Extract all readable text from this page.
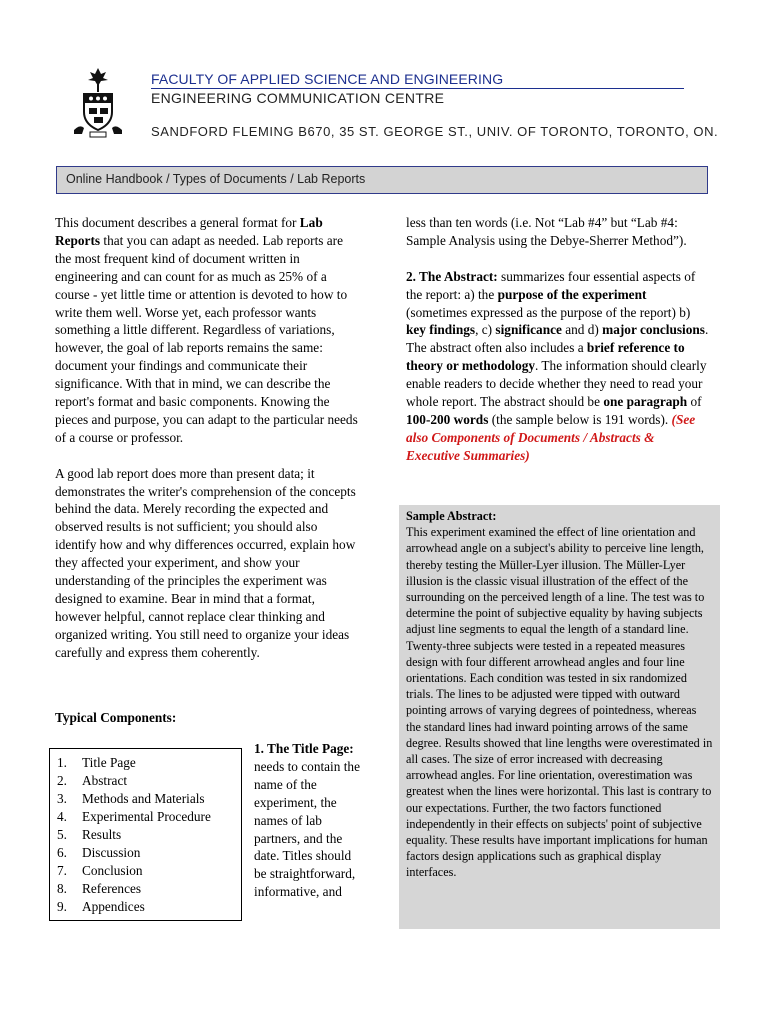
FACULTY OF APPLIED SCIENCE AND ENGINEERING
ENGINEERING COMMUNICATION CENTRE
SANDFORD FLEMING B670, 35 ST. GEORGE ST., UNIV. OF TORONTO, TORONTO, ON.
Online Handbook / Types of Documents / Lab Reports

This document describes a general format for Lab Reports that you can adapt as needed. Lab reports are the most frequent kind of document written in engineering and can count for as much as 25% of a course - yet little time or attention is devoted to how to write them well. Worse yet, each professor wants something a little different. Regardless of variations, however, the goal of lab reports remains the same: document your findings and communicate their significance. With that in mind, we can describe the report's format and basic components. Knowing the pieces and purpose, you can adapt to the particular needs of a course or professor.

A good lab report does more than present data; it demonstrates the writer's comprehension of the concepts behind the data. Merely recording the expected and observed results is not sufficient; you should also identify how and why differences occurred, explain how they affected your experiment, and show your understanding of the principles the experiment was designed to examine. Bear in mind that a format, however helpful, cannot replace clear thinking and organized writing. You still need to organize your ideas carefully and express them coherently.

Typical Components:
1. Title Page
2. Abstract
3. Methods and Materials
4. Experimental Procedure
5. Results
6. Discussion
7. Conclusion
8. References
9. Appendices
1. The Title Page: needs to contain the name of the experiment, the names of lab partners, and the date. Titles should be straightforward, informative, and

less than ten words (i.e. Not “Lab #4” but “Lab #4: Sample Analysis using the Debye-Sherrer Method”).

2. The Abstract: summarizes four essential aspects of the report: a) the purpose of the experiment (sometimes expressed as the purpose of the report) b) key findings, c) significance and d) major conclusions. The abstract often also includes a brief reference to theory or methodology. The information should clearly enable readers to decide whether they need to read your whole report. The abstract should be one paragraph of 100-200 words (the sample below is 191 words). (See also Components of Documents / Abstracts & Executive Summaries)

Sample Abstract:
This experiment examined the effect of line orientation and arrowhead angle on a subject's ability to perceive line length, thereby testing the Müller-Lyer illusion. The Müller-Lyer illusion is the classic visual illustration of the effect of the surrounding on the perceived length of a line. The test was to determine the point of subjective equality by having subjects adjust line segments to equal the length of a standard line. Twenty-three subjects were tested in a repeated measures design with four different arrowhead angles and four line orientations. Each condition was tested in six randomized trials. The lines to be adjusted were tipped with outward pointing arrows of varying degrees of pointedness, whereas the standard lines had inward pointing arrows of the same degree. Results showed that line lengths were overestimated in all cases. The size of error increased with decreasing arrowhead angles. For line orientation, overestimation was greatest when the lines were horizontal. This last is contrary to our expectations. Further, the two factors functioned independently in their effects on subjects' point of subjective equality. These results have important implications for human factors design applications such as graphical display interfaces.
